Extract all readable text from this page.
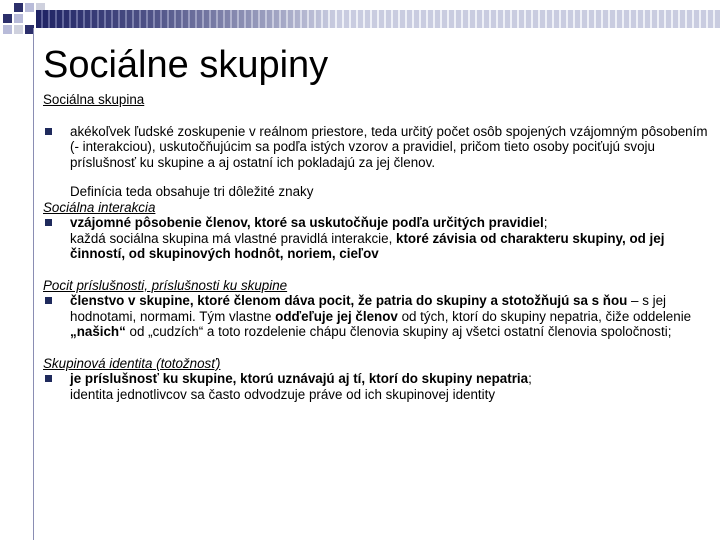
Sociálne skupiny
Sociálna skupina
akékoľvek ľudské zoskupenie v reálnom priestore, teda určitý počet osôb spojených vzájomným pôsobením (- interakciou), uskutočňujúcim sa podľa istých vzorov a pravidiel, pričom tieto osoby pociťujú svoju príslušnosť ku skupine a aj ostatní ich pokladajú za jej členov.
Definícia teda obsahuje tri dôležité znaky
Sociálna interakcia
vzájomné pôsobenie členov, ktoré sa uskutočňuje podľa určitých pravidiel;
každá sociálna skupina má vlastné pravidlá interakcie, ktoré závisia od charakteru skupiny, od jej činností, od skupinových hodnôt, noriem, cieľov
Pocit príslušnosti, príslušnosti ku skupine
členstvo v skupine, ktoré členom dáva pocit, že patria do skupiny a stotožňujú sa s ňou – s jej hodnotami, normami. Tým vlastne odďeľuje jej členov od tých, ktorí do skupiny nepatria, čiže oddelenie „našich“ od „cudzích“ a toto rozdelenie chápu členovia skupiny aj všetci ostatní členovia spoločnosti;
Skupinová identita (totožnosť)
je príslušnosť ku skupine, ktorú uznávajú aj tí, ktorí do skupiny nepatria;
identita jednotlivcov sa často odvodzuje práve od ich skupinovej identity
